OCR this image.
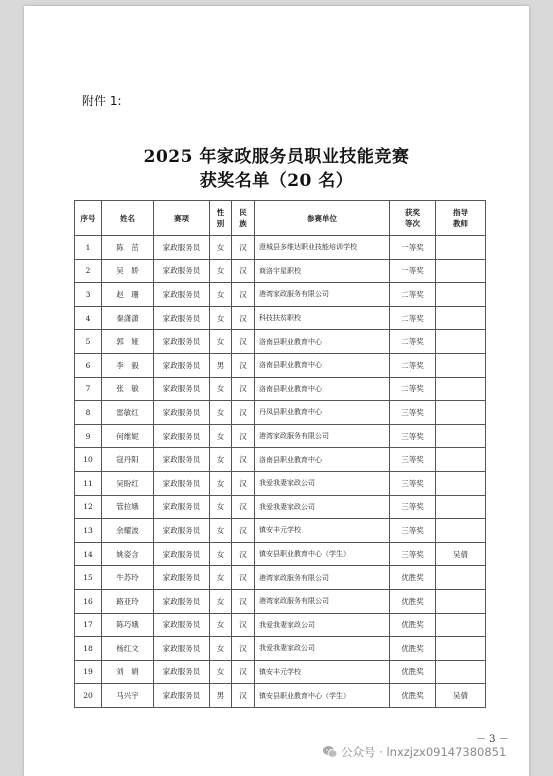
附件 1:
2025 年家政服务员职业技能竞赛
获奖名单（20 名）
序号	姓名	赛项	性别	民族	参赛单位	获奖等次	指导教师

1	陈　茁	家政服务员	女	汉	澄城县多维达职业技能培训学校	一等奖	
2	吴　娇	家政服务员	女	汉	商洛宇星职校	一等奖	
3	赵　珊	家政服务员	女	汉	港湾家政服务有限公司	二等奖	
4	秦潇潇	家政服务员	女	汉	科技扶贫职校	二等奖	
5	郭　娅	家政服务员	女	汉	洛南县职业教育中心	二等奖	
6	李　毅	家政服务员	男	汉	洛南县职业教育中心	二等奖	
7	张　敏	家政服务员	女	汉	洛南县职业教育中心	二等奖	
8	雷敏红	家政服务员	女	汉	丹凤县职业教育中心	三等奖	
9	何维妮	家政服务员	女	汉	港湾家政服务有限公司	三等奖	
10	寇丹阳	家政服务员	女	汉	洛南县职业教育中心	三等奖	
11	吴盼红	家政服务员	女	汉	我爱我妻家政公司	三等奖	
12	管拉娥	家政服务员	女	汉	我爱我妻家政公司	三等奖	
13	余耀波	家政服务员	女	汉	镇安丰元学校	三等奖	
14	姚姿含	家政服务员	女	汉	镇安县职业教育中心（学生）	三等奖	吴倩
15	牛苏玲	家政服务员	女	汉	港湾家政服务有限公司	优胜奖	
16	路亚玲	家政服务员	女	汉	港湾家政服务有限公司	优胜奖	
17	陈巧娥	家政服务员	女	汉	我爱我妻家政公司	优胜奖	
18	杨红文	家政服务员	女	汉	我爱我妻家政公司	优胜奖	
19	刘　娟	家政服务员	女	汉	镇安丰元学校	优胜奖	
20	马兴宇	家政服务员	男	汉	镇安县职业教育中心（学生）	优胜奖	吴倩
－ 3 －
公众号 · lnxzjzx09147380851
